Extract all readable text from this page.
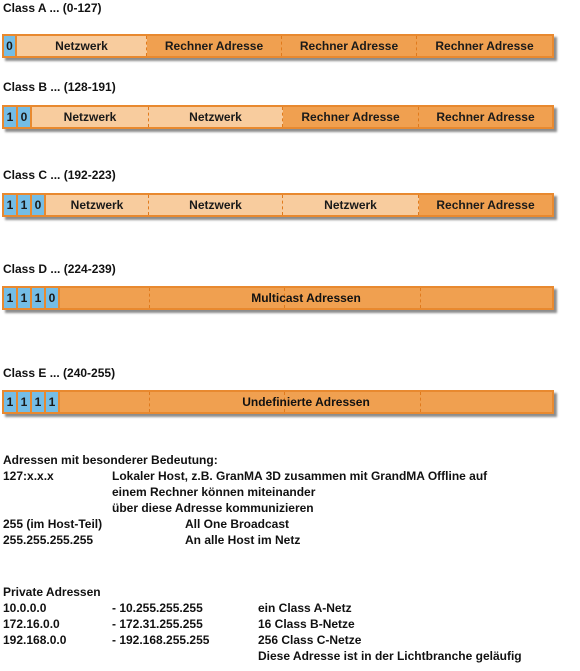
Class A ... (0-127)
0	Netzwerk	Rechner Adresse	Rechner Adresse	Rechner Adresse
Class B ... (128-191)
1 0	Netzwerk	Netzwerk	Rechner Adresse	Rechner Adresse
Class C ... (192-223)
1 1 0	Netzwerk	Netzwerk	Netzwerk	Rechner Adresse
Class D ... (224-239)
1 1 1 0	Multicast Adressen
Class E ... (240-255)
1 1 1 1	Undefinierte Adressen
Adressen mit besonderer Bedeutung:
127:x.x.x	Lokaler Host, z.B. GranMA 3D zusammen mit GrandMA Offline auf
einem Rechner können miteinander
über diese Adresse kommunizieren
255 (im Host-Teil)	All One Broadcast
255.255.255.255	An alle Host im Netz
Private Adressen
10.0.0.0	- 10.255.255.255	ein Class A-Netz
172.16.0.0	- 172.31.255.255	16 Class B-Netze
192.168.0.0	- 192.168.255.255	256 Class C-Netze
Diese Adresse ist in der Lichtbranche geläufig
